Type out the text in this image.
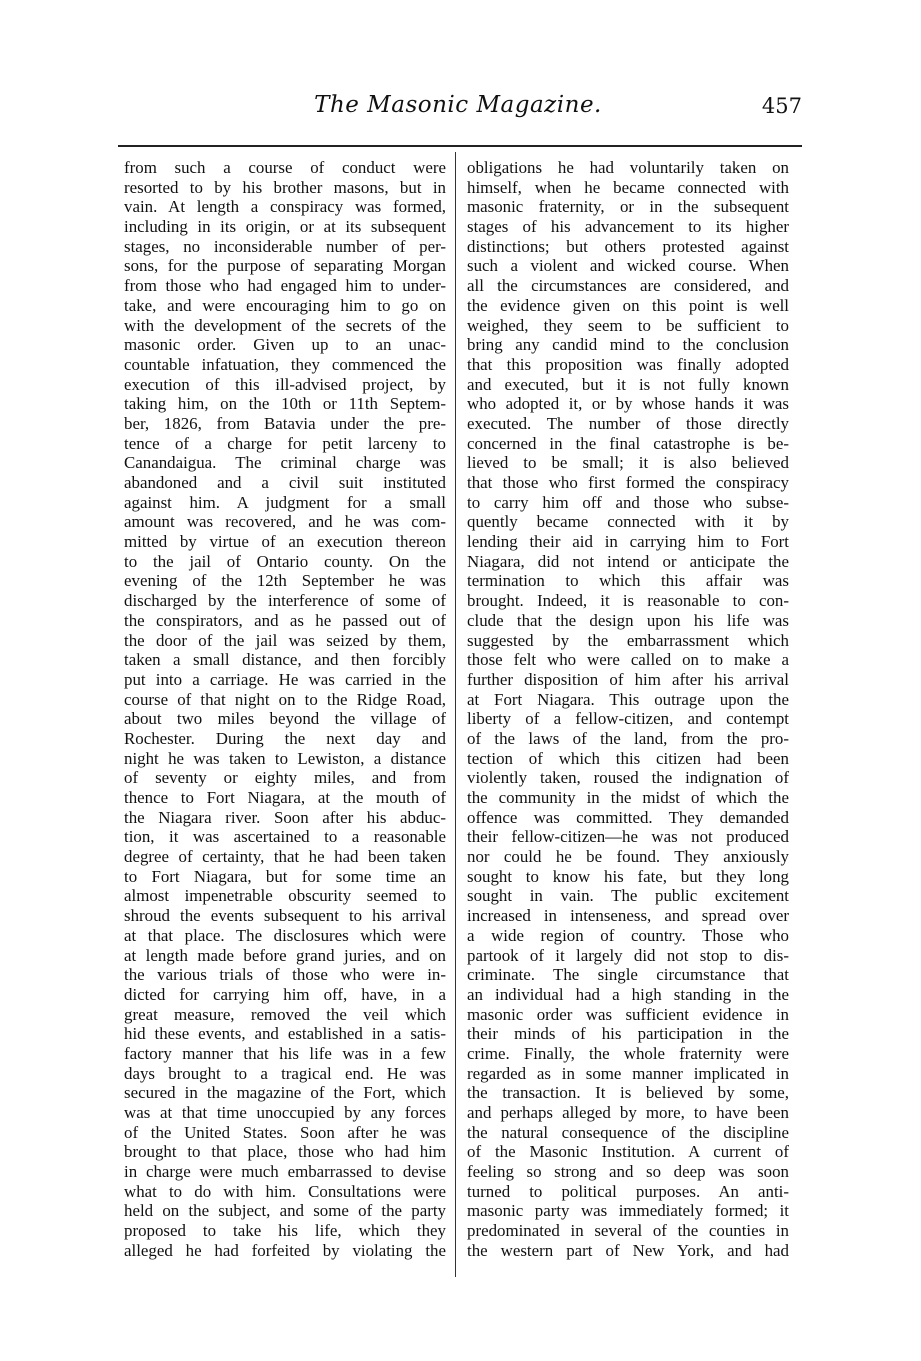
The Masonic Magazine.	457
from such a course of conduct were
resorted to by his brother masons, but in
vain. At length a conspiracy was formed,
including in its origin, or at its subsequent
stages, no inconsiderable number of per-
sons, for the purpose of separating Morgan
from those who had engaged him to under-
take, and were encouraging him to go on
with the development of the secrets of the
masonic order. Given up to an unac-
countable infatuation, they commenced the
execution of this ill-advised project, by
taking him, on the 10th or 11th Septem-
ber, 1826, from Batavia under the pre-
tence of a charge for petit larceny to
Canandaigua. The criminal charge was
abandoned and a civil suit instituted
against him. A judgment for a small
amount was recovered, and he was com-
mitted by virtue of an execution thereon
to the jail of Ontario county. On the
evening of the 12th September he was
discharged by the interference of some of
the conspirators, and as he passed out of
the door of the jail was seized by them,
taken a small distance, and then forcibly
put into a carriage. He was carried in the
course of that night on to the Ridge Road,
about two miles beyond the village of
Rochester. During the next day and
night he was taken to Lewiston, a distance
of seventy or eighty miles, and from
thence to Fort Niagara, at the mouth of
the Niagara river. Soon after his abduc-
tion, it was ascertained to a reasonable
degree of certainty, that he had been taken
to Fort Niagara, but for some time an
almost impenetrable obscurity seemed to
shroud the events subsequent to his arrival
at that place. The disclosures which were
at length made before grand juries, and on
the various trials of those who were in-
dicted for carrying him off, have, in a
great measure, removed the veil which
hid these events, and established in a satis-
factory manner that his life was in a few
days brought to a tragical end. He was
secured in the magazine of the Fort, which
was at that time unoccupied by any forces
of the United States. Soon after he was
brought to that place, those who had him
in charge were much embarrassed to devise
what to do with him. Consultations were
held on the subject, and some of the party
proposed to take his life, which they
alleged he had forfeited by violating the
obligations he had voluntarily taken on
himself, when he became connected with
masonic fraternity, or in the subsequent
stages of his advancement to its higher
distinctions; but others protested against
such a violent and wicked course. When
all the circumstances are considered, and
the evidence given on this point is well
weighed, they seem to be sufficient to
bring any candid mind to the conclusion
that this proposition was finally adopted
and executed, but it is not fully known
who adopted it, or by whose hands it was
executed. The number of those directly
concerned in the final catastrophe is be-
lieved to be small; it is also believed
that those who first formed the conspiracy
to carry him off and those who subse-
quently became connected with it by
lending their aid in carrying him to Fort
Niagara, did not intend or anticipate the
termination to which this affair was
brought. Indeed, it is reasonable to con-
clude that the design upon his life was
suggested by the embarrassment which
those felt who were called on to make a
further disposition of him after his arrival
at Fort Niagara. This outrage upon the
liberty of a fellow-citizen, and contempt
of the laws of the land, from the pro-
tection of which this citizen had been
violently taken, roused the indignation of
the community in the midst of which the
offence was committed. They demanded
their fellow-citizen—he was not produced
nor could he be found. They anxiously
sought to know his fate, but they long
sought in vain. The public excitement
increased in intenseness, and spread over
a wide region of country. Those who
partook of it largely did not stop to dis-
criminate. The single circumstance that
an individual had a high standing in the
masonic order was sufficient evidence in
their minds of his participation in the
crime. Finally, the whole fraternity were
regarded as in some manner implicated in
the transaction. It is believed by some,
and perhaps alleged by more, to have been
the natural consequence of the discipline
of the Masonic Institution. A current of
feeling so strong and so deep was soon
turned to political purposes. An anti-
masonic party was immediately formed; it
predominated in several of the counties in
the western part of New York, and had
